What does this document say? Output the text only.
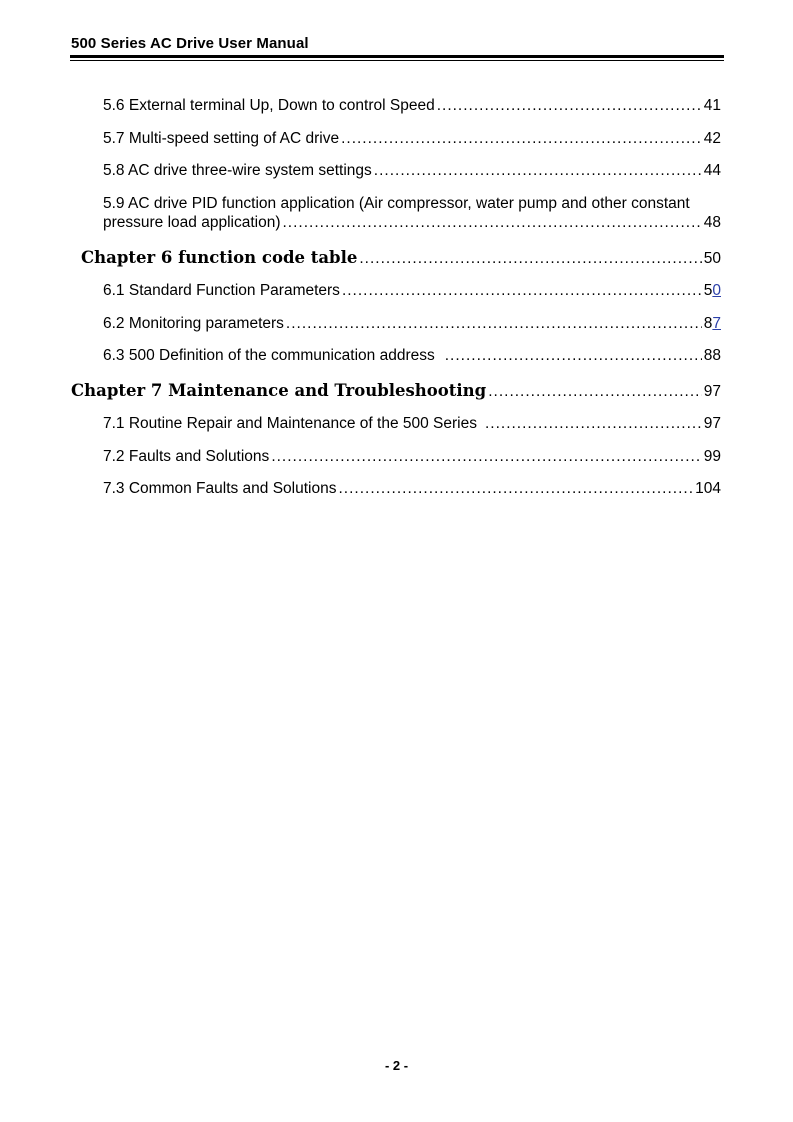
500 Series AC Drive User Manual
5.6 External terminal Up, Down to control Speed .....	41
5.7 Multi-speed setting of AC drive .....	42
5.8 AC drive three-wire system settings .....	44
5.9 AC drive PID function application (Air compressor, water pump and other constant
pressure load application) .....	48
Chapter 6 function code table .....	50
6.1 Standard Function Parameters .....	50
6.2 Monitoring parameters .....	87
6.3 500 Definition of the communication address .....	88
Chapter 7 Maintenance and Troubleshooting .....	97
7.1 Routine Repair and Maintenance of the 500 Series .....	97
7.2 Faults and Solutions .....	99
7.3 Common Faults and Solutions .....	104
- 2 -
